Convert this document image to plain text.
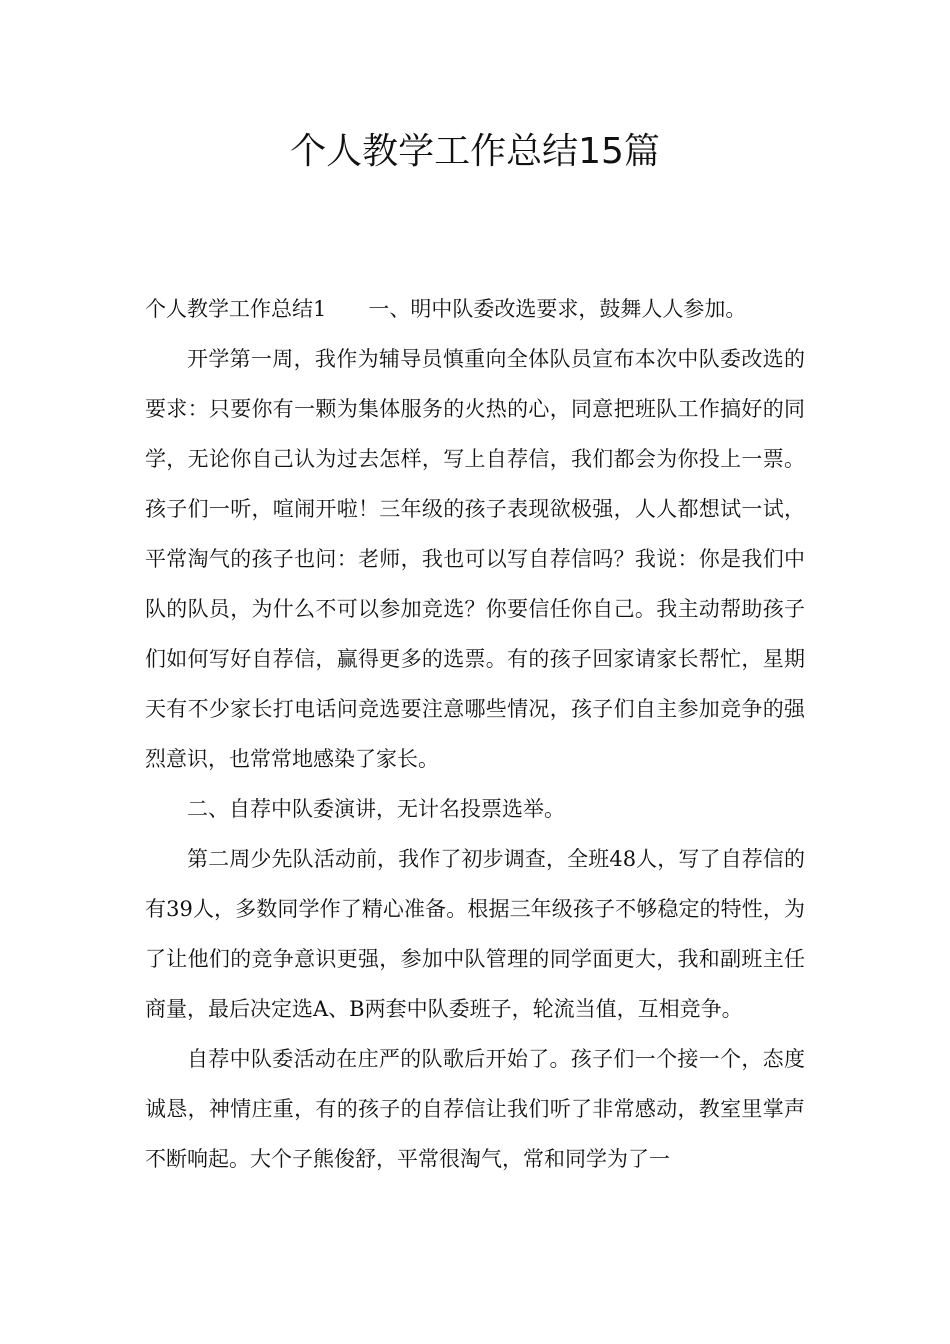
个人教学工作总结15篇

个人教学工作总结1 一、明中队委改选要求，鼓舞人人参加。

开学第一周，我作为辅导员慎重向全体队员宣布本次中队委改选的要求：只要你有一颗为集体服务的火热的心，同意把班队工作搞好的同学，无论你自己认为过去怎样，写上自荐信，我们都会为你投上一票。孩子们一听，喧闹开啦！三年级的孩子表现欲极强，人人都想试一试，平常淘气的孩子也问：老师，我也可以写自荐信吗？我说：你是我们中队的队员，为什么不可以参加竞选？你要信任你自己。我主动帮助孩子们如何写好自荐信，赢得更多的选票。有的孩子回家请家长帮忙，星期天有不少家长打电话问竞选要注意哪些情况，孩子们自主参加竞争的强烈意识，也常常地感染了家长。

二、自荐中队委演讲，无计名投票选举。

第二周少先队活动前，我作了初步调查，全班48人，写了自荐信的有39人，多数同学作了精心准备。根据三年级孩子不够稳定的特性，为了让他们的竞争意识更强，参加中队管理的同学面更大，我和副班主任商量，最后决定选A、B两套中队委班子，轮流当值，互相竞争。

自荐中队委活动在庄严的队歌后开始了。孩子们一个接一个，态度诚恳，神情庄重，有的孩子的自荐信让我们听了非常感动，教室里掌声不断响起。大个子熊俊舒，平常很淘气，常和同学为了一
